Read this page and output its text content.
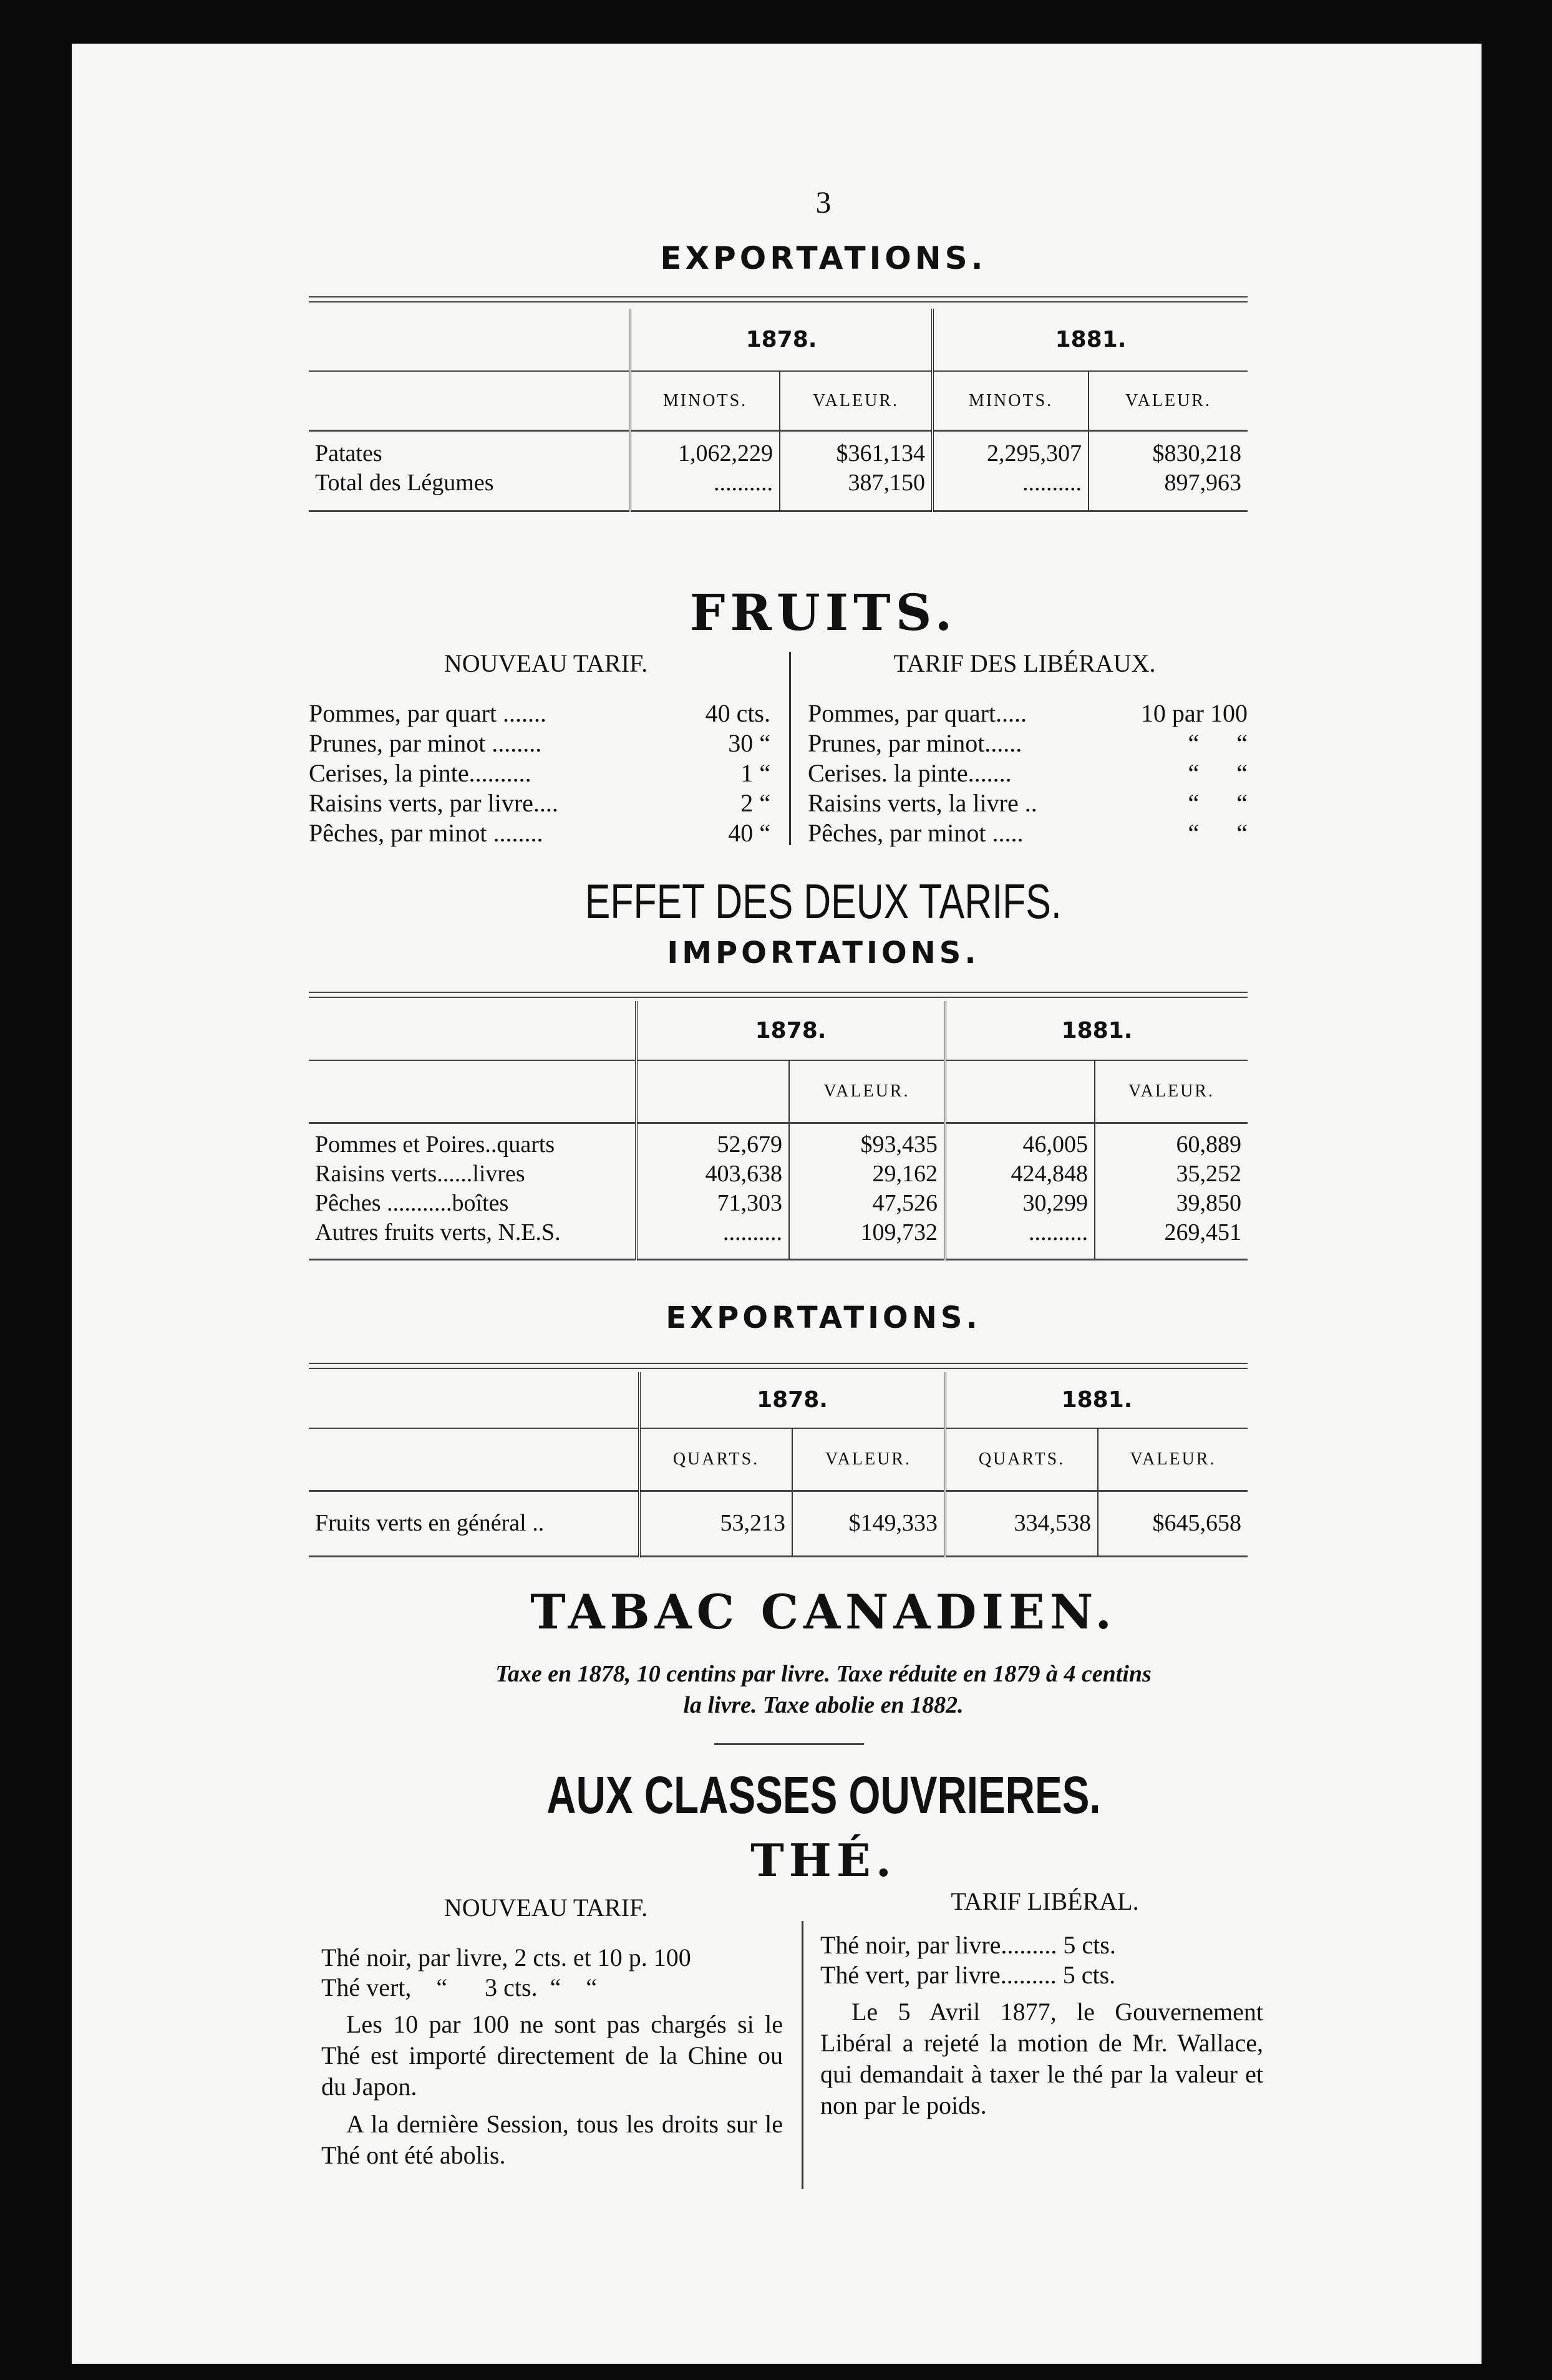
3
EXPORTATIONS.
	1878.		1881.	
	MINOTS.	VALEUR.	MINOTS.	VALEUR.
Patates	1,062,229	$361,134	2,295,307	$830,218
Total des Légumes	..........	387,150	..........	897,963
FRUITS.
NOUVEAU TARIF.	TARIF DES LIBÉRAUX.
Pommes, par quart .......	40 cts.
Prunes, par minot ........	30 “
Cerises, la pinte..........	1 “
Raisins verts, par livre....	2 “
Pêches, par minot ........	40 “
Pommes, par quart.....	10 par 100
Prunes, par minot......	“      “
Cerises. la pinte.......	“      “
Raisins verts, la livre ..	“      “
Pêches, par minot .....	“      “
EFFET DES DEUX TARIFS.
IMPORTATIONS.
	1878.		1881.	
		VALEUR.		VALEUR.
Pommes et Poires..quarts	52,679	$93,435	46,005	60,889
Raisins verts......livres	403,638	29,162	424,848	35,252
Pêches ...........boîtes	71,303	47,526	30,299	39,850
Autres fruits verts, N.E.S.	..........	109,732	..........	269,451
EXPORTATIONS.
	1878.		1881.	
	QUARTS.	VALEUR.	QUARTS.	VALEUR.
Fruits verts en général ..	53,213	$149,333	334,538	$645,658
TABAC CANADIEN.
Taxe en 1878, 10 centins par livre. Taxe réduite en 1879 à 4 centins
la livre. Taxe abolie en 1882.
AUX CLASSES OUVRIERES.
THÉ.
NOUVEAU TARIF.	TARIF LIBÉRAL.
Thé noir, par livre, 2 cts. et 10 p. 100
Thé vert,    “      3 cts.  “    “
Les 10 par 100 ne sont pas chargés si le Thé est importé directement de la Chine ou du Japon.
A la dernière Session, tous les droits sur le Thé ont été abolis.
Thé noir, par livre......... 5 cts.
Thé vert, par livre......... 5 cts.
Le 5 Avril 1877, le Gouvernement Libéral a rejeté la motion de Mr. Wallace, qui demandait à taxer le thé par la valeur et non par le poids.
